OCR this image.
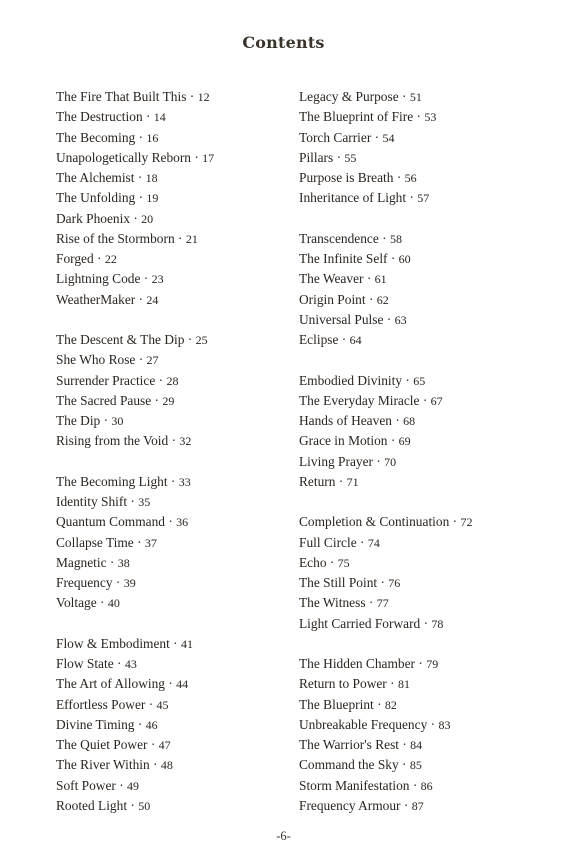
Contents
The Fire That Built This · 12
The Destruction · 14
The Becoming · 16
Unapologetically Reborn · 17
The Alchemist · 18
The Unfolding · 19
Dark Phoenix · 20
Rise of the Stormborn · 21
Forged · 22
Lightning Code · 23
WeatherMaker · 24
The Descent & The Dip · 25
She Who Rose · 27
Surrender Practice · 28
The Sacred Pause · 29
The Dip · 30
Rising from the Void · 32
The Becoming Light · 33
Identity Shift · 35
Quantum Command · 36
Collapse Time · 37
Magnetic · 38
Frequency · 39
Voltage · 40
Flow & Embodiment · 41
Flow State · 43
The Art of Allowing · 44
Effortless Power · 45
Divine Timing · 46
The Quiet Power · 47
The River Within · 48
Soft Power · 49
Rooted Light · 50
Legacy & Purpose · 51
The Blueprint of Fire · 53
Torch Carrier · 54
Pillars · 55
Purpose is Breath · 56
Inheritance of Light · 57
Transcendence · 58
The Infinite Self · 60
The Weaver · 61
Origin Point · 62
Universal Pulse · 63
Eclipse · 64
Embodied Divinity · 65
The Everyday Miracle · 67
Hands of Heaven · 68
Grace in Motion · 69
Living Prayer · 70
Return · 71
Completion & Continuation · 72
Full Circle · 74
Echo · 75
The Still Point · 76
The Witness · 77
Light Carried Forward · 78
The Hidden Chamber · 79
Return to Power · 81
The Blueprint · 82
Unbreakable Frequency · 83
The Warrior's Rest · 84
Command the Sky · 85
Storm Manifestation · 86
Frequency Armour · 87
-6-
